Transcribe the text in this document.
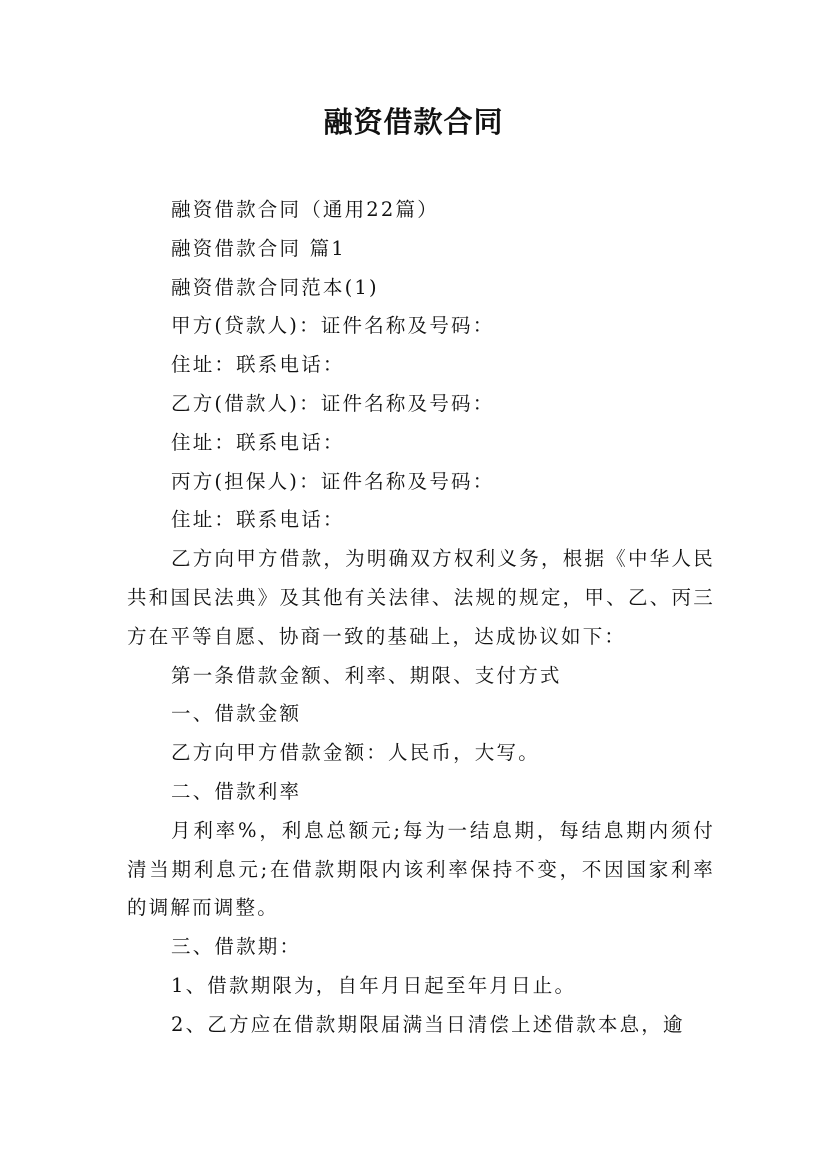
融资借款合同

融资借款合同（通用22篇）

融资借款合同 篇1

融资借款合同范本(1)

甲方(贷款人)：证件名称及号码：

住址：联系电话：

乙方(借款人)：证件名称及号码：

住址：联系电话：

丙方(担保人)：证件名称及号码：

住址：联系电话：

乙方向甲方借款，为明确双方权利义务，根据《中华人民共和国民法典》及其他有关法律、法规的规定，甲、乙、丙三方在平等自愿、协商一致的基础上，达成协议如下：

第一条借款金额、利率、期限、支付方式

一、借款金额

乙方向甲方借款金额：人民币，大写。

二、借款利率

月利率%，利息总额元;每为一结息期，每结息期内须付清当期利息元;在借款期限内该利率保持不变，不因国家利率的调解而调整。

三、借款期：

1、借款期限为，自年月日起至年月日止。

2、乙方应在借款期限届满当日清偿上述借款本息，逾
